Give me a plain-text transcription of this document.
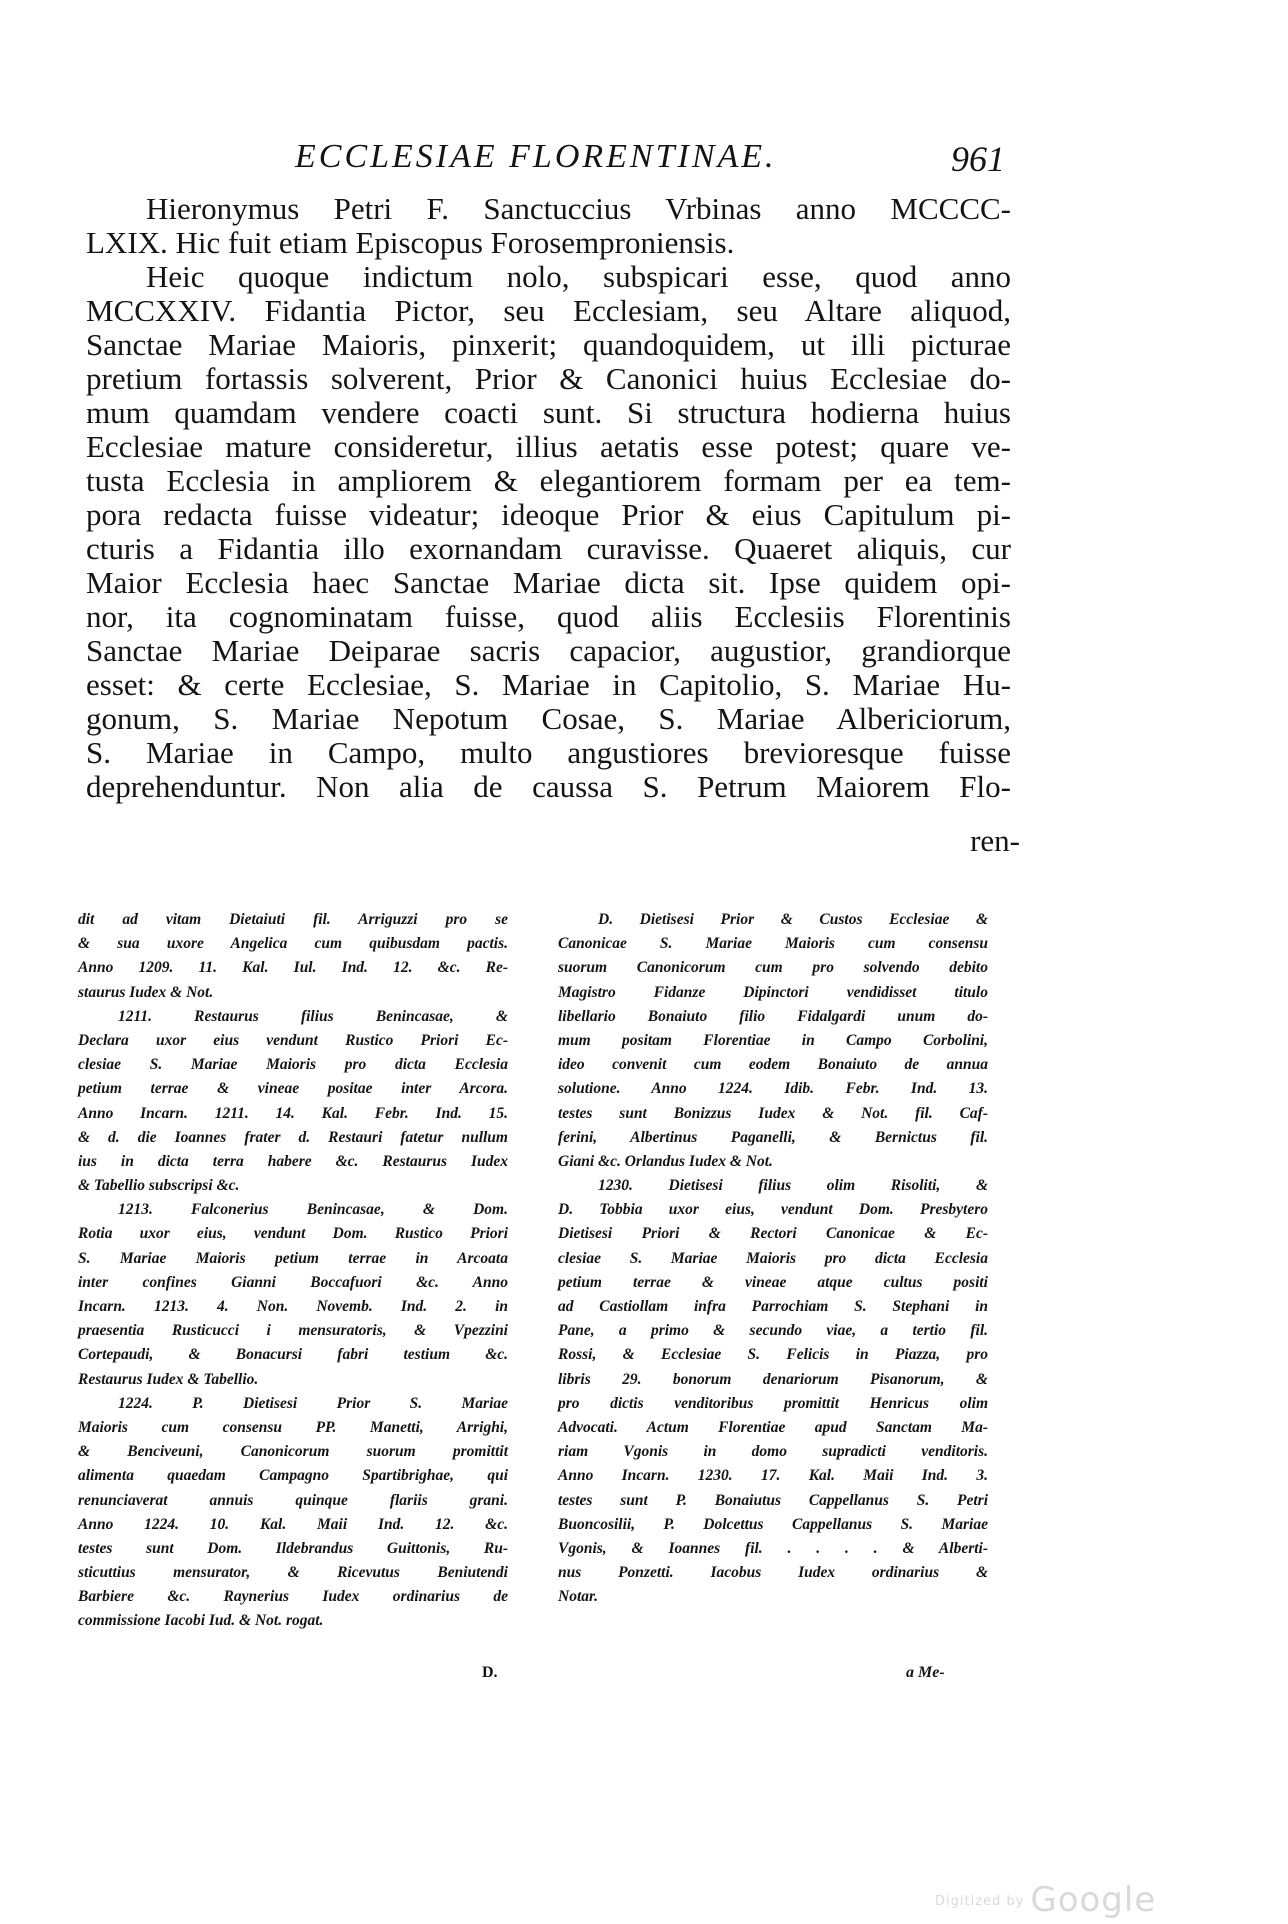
ECCLESIAE FLORENTINAE.	961
Hieronymus Petri F. Sanctuccius Vrbinas anno MCCCC-
LXIX. Hic fuit etiam Episcopus Forosemproniensis.
Heic quoque indictum nolo, subspicari esse, quod anno
MCCXXIV. Fidantia Pictor, seu Ecclesiam, seu Altare aliquod,
Sanctae Mariae Maioris, pinxerit; quandoquidem, ut illi picturae
pretium fortassis solverent, Prior & Canonici huius Ecclesiae do-
mum quamdam vendere coacti sunt. Si structura hodierna huius
Ecclesiae mature consideretur, illius aetatis esse potest; quare ve-
tusta Ecclesia in ampliorem & elegantiorem formam per ea tem-
pora redacta fuisse videatur; ideoque Prior & eius Capitulum pi-
cturis a Fidantia illo exornandam curavisse. Quaeret aliquis, cur
Maior Ecclesia haec Sanctae Mariae dicta sit. Ipse quidem opi-
nor, ita cognominatam fuisse, quod aliis Ecclesiis Florentinis
Sanctae Mariae Deiparae sacris capacior, augustior, grandiorque
esset: & certe Ecclesiae, S. Mariae in Capitolio, S. Mariae Hu-
gonum, S. Mariae Nepotum Cosae, S. Mariae Albericiorum,
S. Mariae in Campo, multo angustiores brevioresque fuisse
deprehenduntur. Non alia de caussa S. Petrum Maiorem Flo-
ren-
dit ad vitam Dietaiuti fil. Arriguzzi pro se
& sua uxore Angelica cum quibusdam pactis.
Anno 1209. 11. Kal. Iul. Ind. 12. &c. Re-
staurus Iudex & Not.
1211. Restaurus filius Benincasae, &
Declara uxor eius vendunt Rustico Priori Ec-
clesiae S. Mariae Maioris pro dicta Ecclesia
petium terrae & vineae positae inter Arcora.
Anno Incarn. 1211. 14. Kal. Febr. Ind. 15.
& d. die Ioannes frater d. Restauri fatetur nullum
ius in dicta terra habere &c. Restaurus Iudex
& Tabellio subscripsi &c.
1213. Falconerius Benincasae, & Dom.
Rotia uxor eius, vendunt Dom. Rustico Priori
S. Mariae Maioris petium terrae in Arcoata
inter confines Gianni Boccafuori &c. Anno
Incarn. 1213. 4. Non. Novemb. Ind. 2. in
praesentia Rusticucci i mensuratoris, & Vpezzini
Cortepaudi, & Bonacursi fabri testium &c.
Restaurus Iudex & Tabellio.
1224. P. Dietisesi Prior S. Mariae
Maioris cum consensu PP. Manetti, Arrighi,
& Benciveuni, Canonicorum suorum promittit
alimenta quaedam Campagno Spartibrighae, qui
renunciaverat annuis quinque flariis grani.
Anno 1224. 10. Kal. Maii Ind. 12. &c.
testes sunt Dom. Ildebrandus Guittonis, Ru-
sticuttius mensurator, & Ricevutus Beniutendi
Barbiere &c. Raynerius Iudex ordinarius de
commissione Iacobi Iud. & Not. rogat.
D. Dietisesi Prior & Custos Ecclesiae &
Canonicae S. Mariae Maioris cum consensu
suorum Canonicorum cum pro solvendo debito
Magistro Fidanze Dipinctori vendidisset titulo
libellario Bonaiuto filio Fidalgardi unum do-
mum positam Florentiae in Campo Corbolini,
ideo convenit cum eodem Bonaiuto de annua
solutione. Anno 1224. Idib. Febr. Ind. 13.
testes sunt Bonizzus Iudex & Not. fil. Caf-
ferini, Albertinus Paganelli, & Bernictus fil.
Giani &c. Orlandus Iudex & Not.
1230. Dietisesi filius olim Risoliti, &
D. Tobbia uxor eius, vendunt Dom. Presbytero
Dietisesi Priori & Rectori Canonicae & Ec-
clesiae S. Mariae Maioris pro dicta Ecclesia
petium terrae & vineae atque cultus positi
ad Castiollam infra Parrochiam S. Stephani in
Pane, a primo & secundo viae, a tertio fil.
Rossi, & Ecclesiae S. Felicis in Piazza, pro
libris 29. bonorum denariorum Pisanorum, &
pro dictis venditoribus promittit Henricus olim
Advocati. Actum Florentiae apud Sanctam Ma-
riam Vgonis in domo supradicti venditoris.
Anno Incarn. 1230. 17. Kal. Maii Ind. 3.
testes sunt P. Bonaiutus Cappellanus S. Petri
Buoncosilii, P. Dolcettus Cappellanus S. Mariae
Vgonis, & Ioannes fil. . . . . & Alberti-
nus Ponzetti. Iacobus Iudex ordinarius &
Notar.
D.	a Me-
Digitized by Google
